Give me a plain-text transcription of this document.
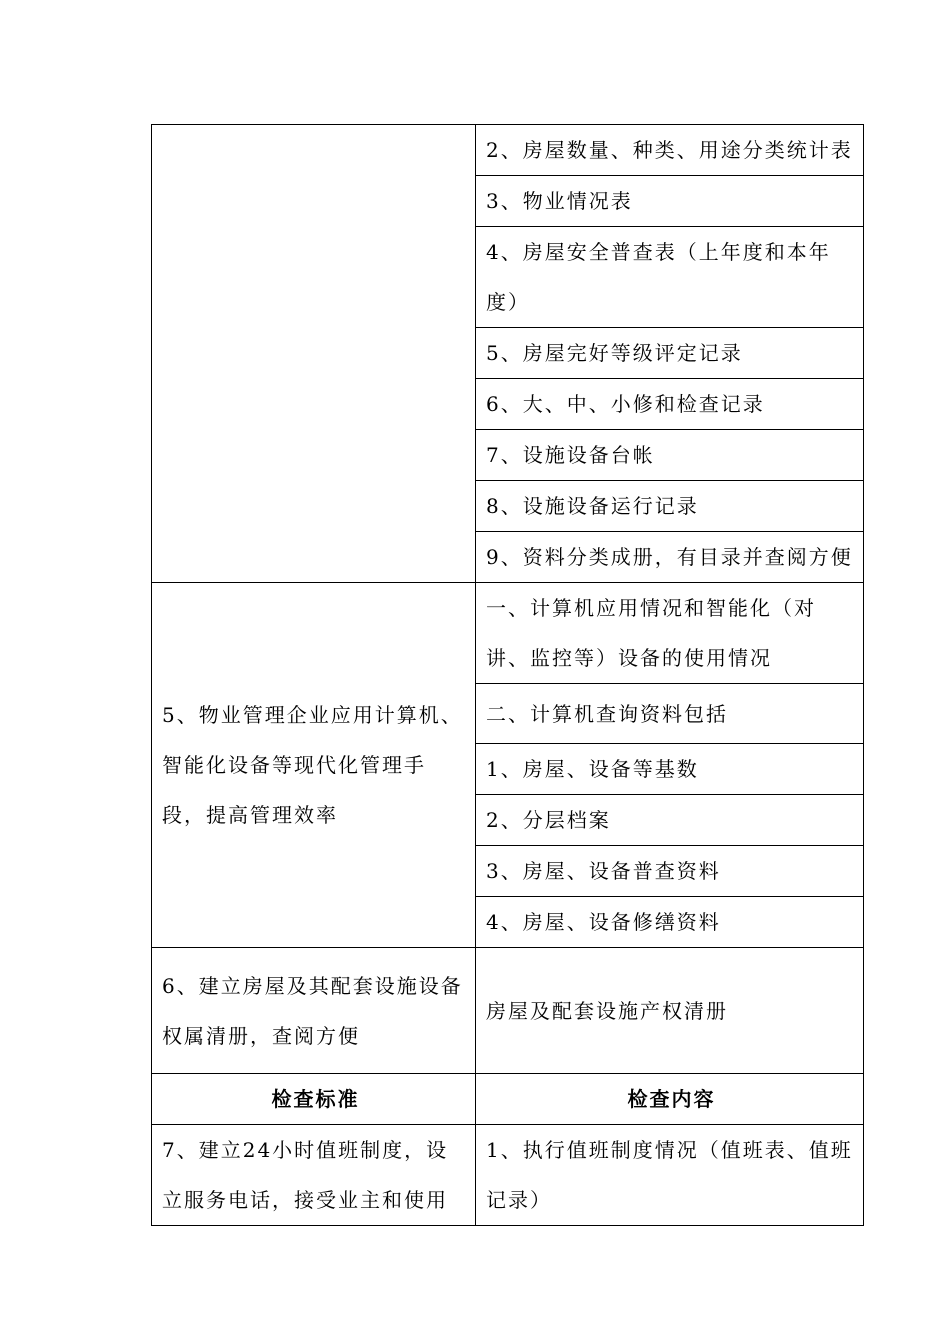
	2、房屋数量、种类、用途分类统计表
	3、物业情况表
	4、房屋安全普查表（上年度和本年度）
	5、房屋完好等级评定记录
	6、大、中、小修和检查记录
	7、设施设备台帐
	8、设施设备运行记录
	9、资料分类成册，有目录并查阅方便
5、物业管理企业应用计算机、智能化设备等现代化管理手段，提高管理效率	一、计算机应用情况和智能化（对讲、监控等）设备的使用情况
	二、计算机查询资料包括
	1、房屋、设备等基数
	2、分层档案
	3、房屋、设备普查资料
	4、房屋、设备修缮资料
6、建立房屋及其配套设施设备权属清册，查阅方便	房屋及配套设施产权清册
检查标准	检查内容
7、建立24小时值班制度，设立服务电话，接受业主和使用	1、执行值班制度情况（值班表、值班记录）
